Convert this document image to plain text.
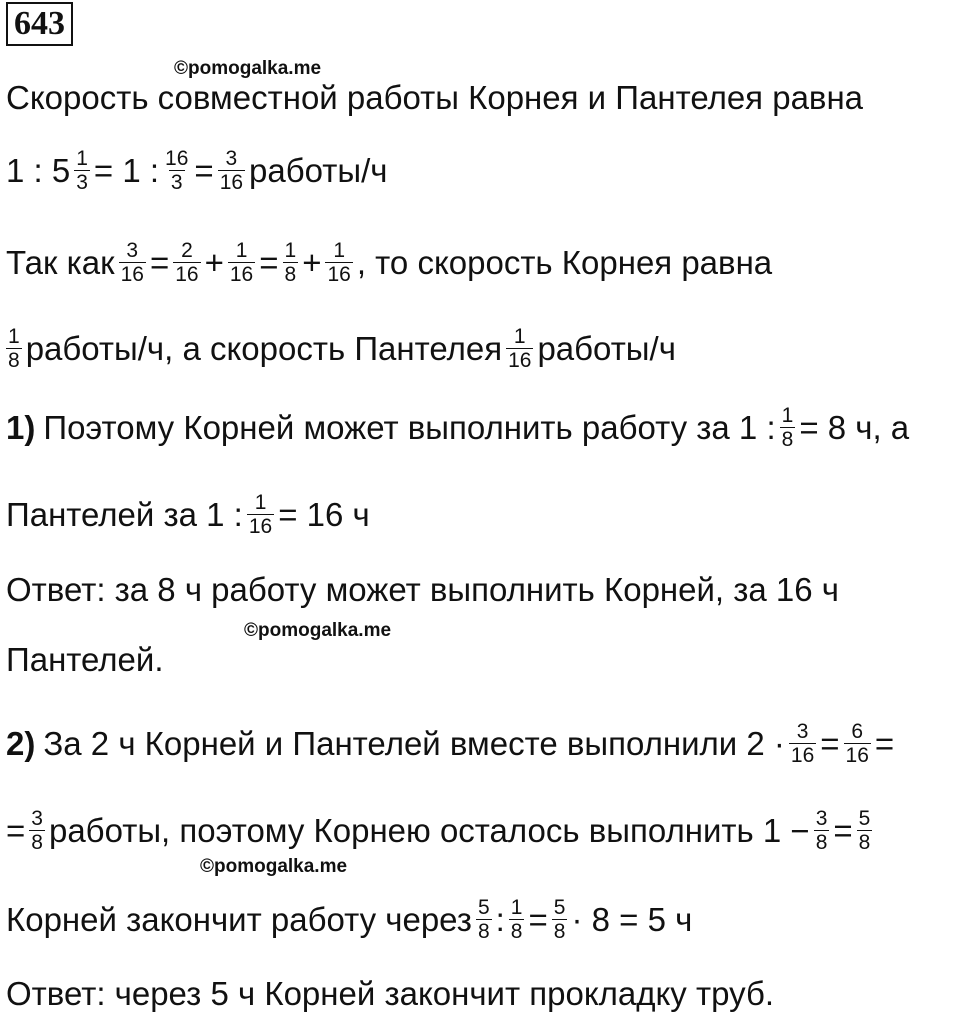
643
©pomogalka.me
Скорость совместной работы Корнея и Пантелея равна
1 : $5 \frac{1}{3} = 1$ : $\frac{16}{3} = \frac{3}{16}$ работы/ч
Так как $\frac{3}{16} = \frac{2}{16} + \frac{1}{16} = \frac{1}{8} + \frac{1}{16}$ , то скорость Корнея равна
$\frac{1}{8}$ работы/ч, а скорость Пантелея $\frac{1}{16}$ работы/ч
1) Поэтому Корней может выполнить работу за 1 : $\frac{1}{8} = 8$ ч, а
Пантелей за 1 : $\frac{1}{16} = 16$ ч
Ответ: за 8 ч работу может выполнить Корней, за 16 ч
©pomogalka.me
Пантелей.
2) За 2 ч Корней и Пантелей вместе выполнили $2 \cdot \frac{3}{16} = \frac{6}{16}$ =
= $\frac{3}{8}$ работы, поэтому Корнею осталось выполнить $1 - \frac{3}{8} = \frac{5}{8}$
©pomogalka.me
Корней закончит работу через $\frac{5}{8}$ : $\frac{1}{8} = \frac{5}{8} \cdot 8 = 5$ ч
Ответ: через 5 ч Корней закончит прокладку труб.
